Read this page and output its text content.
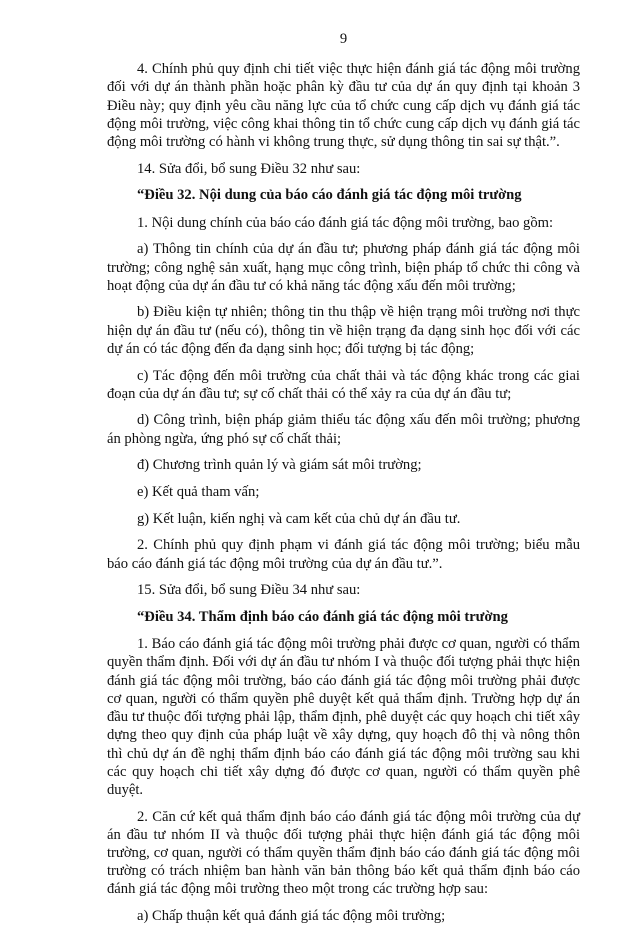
9

4. Chính phủ quy định chi tiết việc thực hiện đánh giá tác động môi trường đối với dự án thành phần hoặc phân kỳ đầu tư của dự án quy định tại khoản 3 Điều này; quy định yêu cầu năng lực của tổ chức cung cấp dịch vụ đánh giá tác động môi trường, việc công khai thông tin tổ chức cung cấp dịch vụ đánh giá tác động môi trường có hành vi không trung thực, sử dụng thông tin sai sự thật.”.

14. Sửa đổi, bổ sung Điều 32 như sau:

“Điều 32. Nội dung của báo cáo đánh giá tác động môi trường

1. Nội dung chính của báo cáo đánh giá tác động môi trường, bao gồm:

a) Thông tin chính của dự án đầu tư; phương pháp đánh giá tác động môi trường; công nghệ sản xuất, hạng mục công trình, biện pháp tổ chức thi công và hoạt động của dự án đầu tư có khả năng tác động xấu đến môi trường;

b) Điều kiện tự nhiên; thông tin thu thập về hiện trạng môi trường nơi thực hiện dự án đầu tư (nếu có), thông tin về hiện trạng đa dạng sinh học đối với các dự án có tác động đến đa dạng sinh học; đối tượng bị tác động;

c) Tác động đến môi trường của chất thải và tác động khác trong các giai đoạn của dự án đầu tư; sự cố chất thải có thể xảy ra của dự án đầu tư;

d) Công trình, biện pháp giảm thiểu tác động xấu đến môi trường; phương án phòng ngừa, ứng phó sự cố chất thải;

đ) Chương trình quản lý và giám sát môi trường;

e) Kết quả tham vấn;

g) Kết luận, kiến nghị và cam kết của chủ dự án đầu tư.

2. Chính phủ quy định phạm vi đánh giá tác động môi trường; biểu mẫu báo cáo đánh giá tác động môi trường của dự án đầu tư.”.

15. Sửa đổi, bổ sung Điều 34 như sau:

“Điều 34. Thẩm định báo cáo đánh giá tác động môi trường

1. Báo cáo đánh giá tác động môi trường phải được cơ quan, người có thẩm quyền thẩm định. Đối với dự án đầu tư nhóm I và thuộc đối tượng phải thực hiện đánh giá tác động môi trường, báo cáo đánh giá tác động môi trường phải được cơ quan, người có thẩm quyền phê duyệt kết quả thẩm định. Trường hợp dự án đầu tư thuộc đối tượng phải lập, thẩm định, phê duyệt các quy hoạch chi tiết xây dựng theo quy định của pháp luật về xây dựng, quy hoạch đô thị và nông thôn thì chủ dự án đề nghị thẩm định báo cáo đánh giá tác động môi trường sau khi các quy hoạch chi tiết xây dựng đó được cơ quan, người có thẩm quyền phê duyệt.

2. Căn cứ kết quả thẩm định báo cáo đánh giá tác động môi trường của dự án đầu tư nhóm II và thuộc đối tượng phải thực hiện đánh giá tác động môi trường, cơ quan, người có thẩm quyền thẩm định báo cáo đánh giá tác động môi trường có trách nhiệm ban hành văn bản thông báo kết quả thẩm định báo cáo đánh giá tác động môi trường theo một trong các trường hợp sau:

a) Chấp thuận kết quả đánh giá tác động môi trường;
